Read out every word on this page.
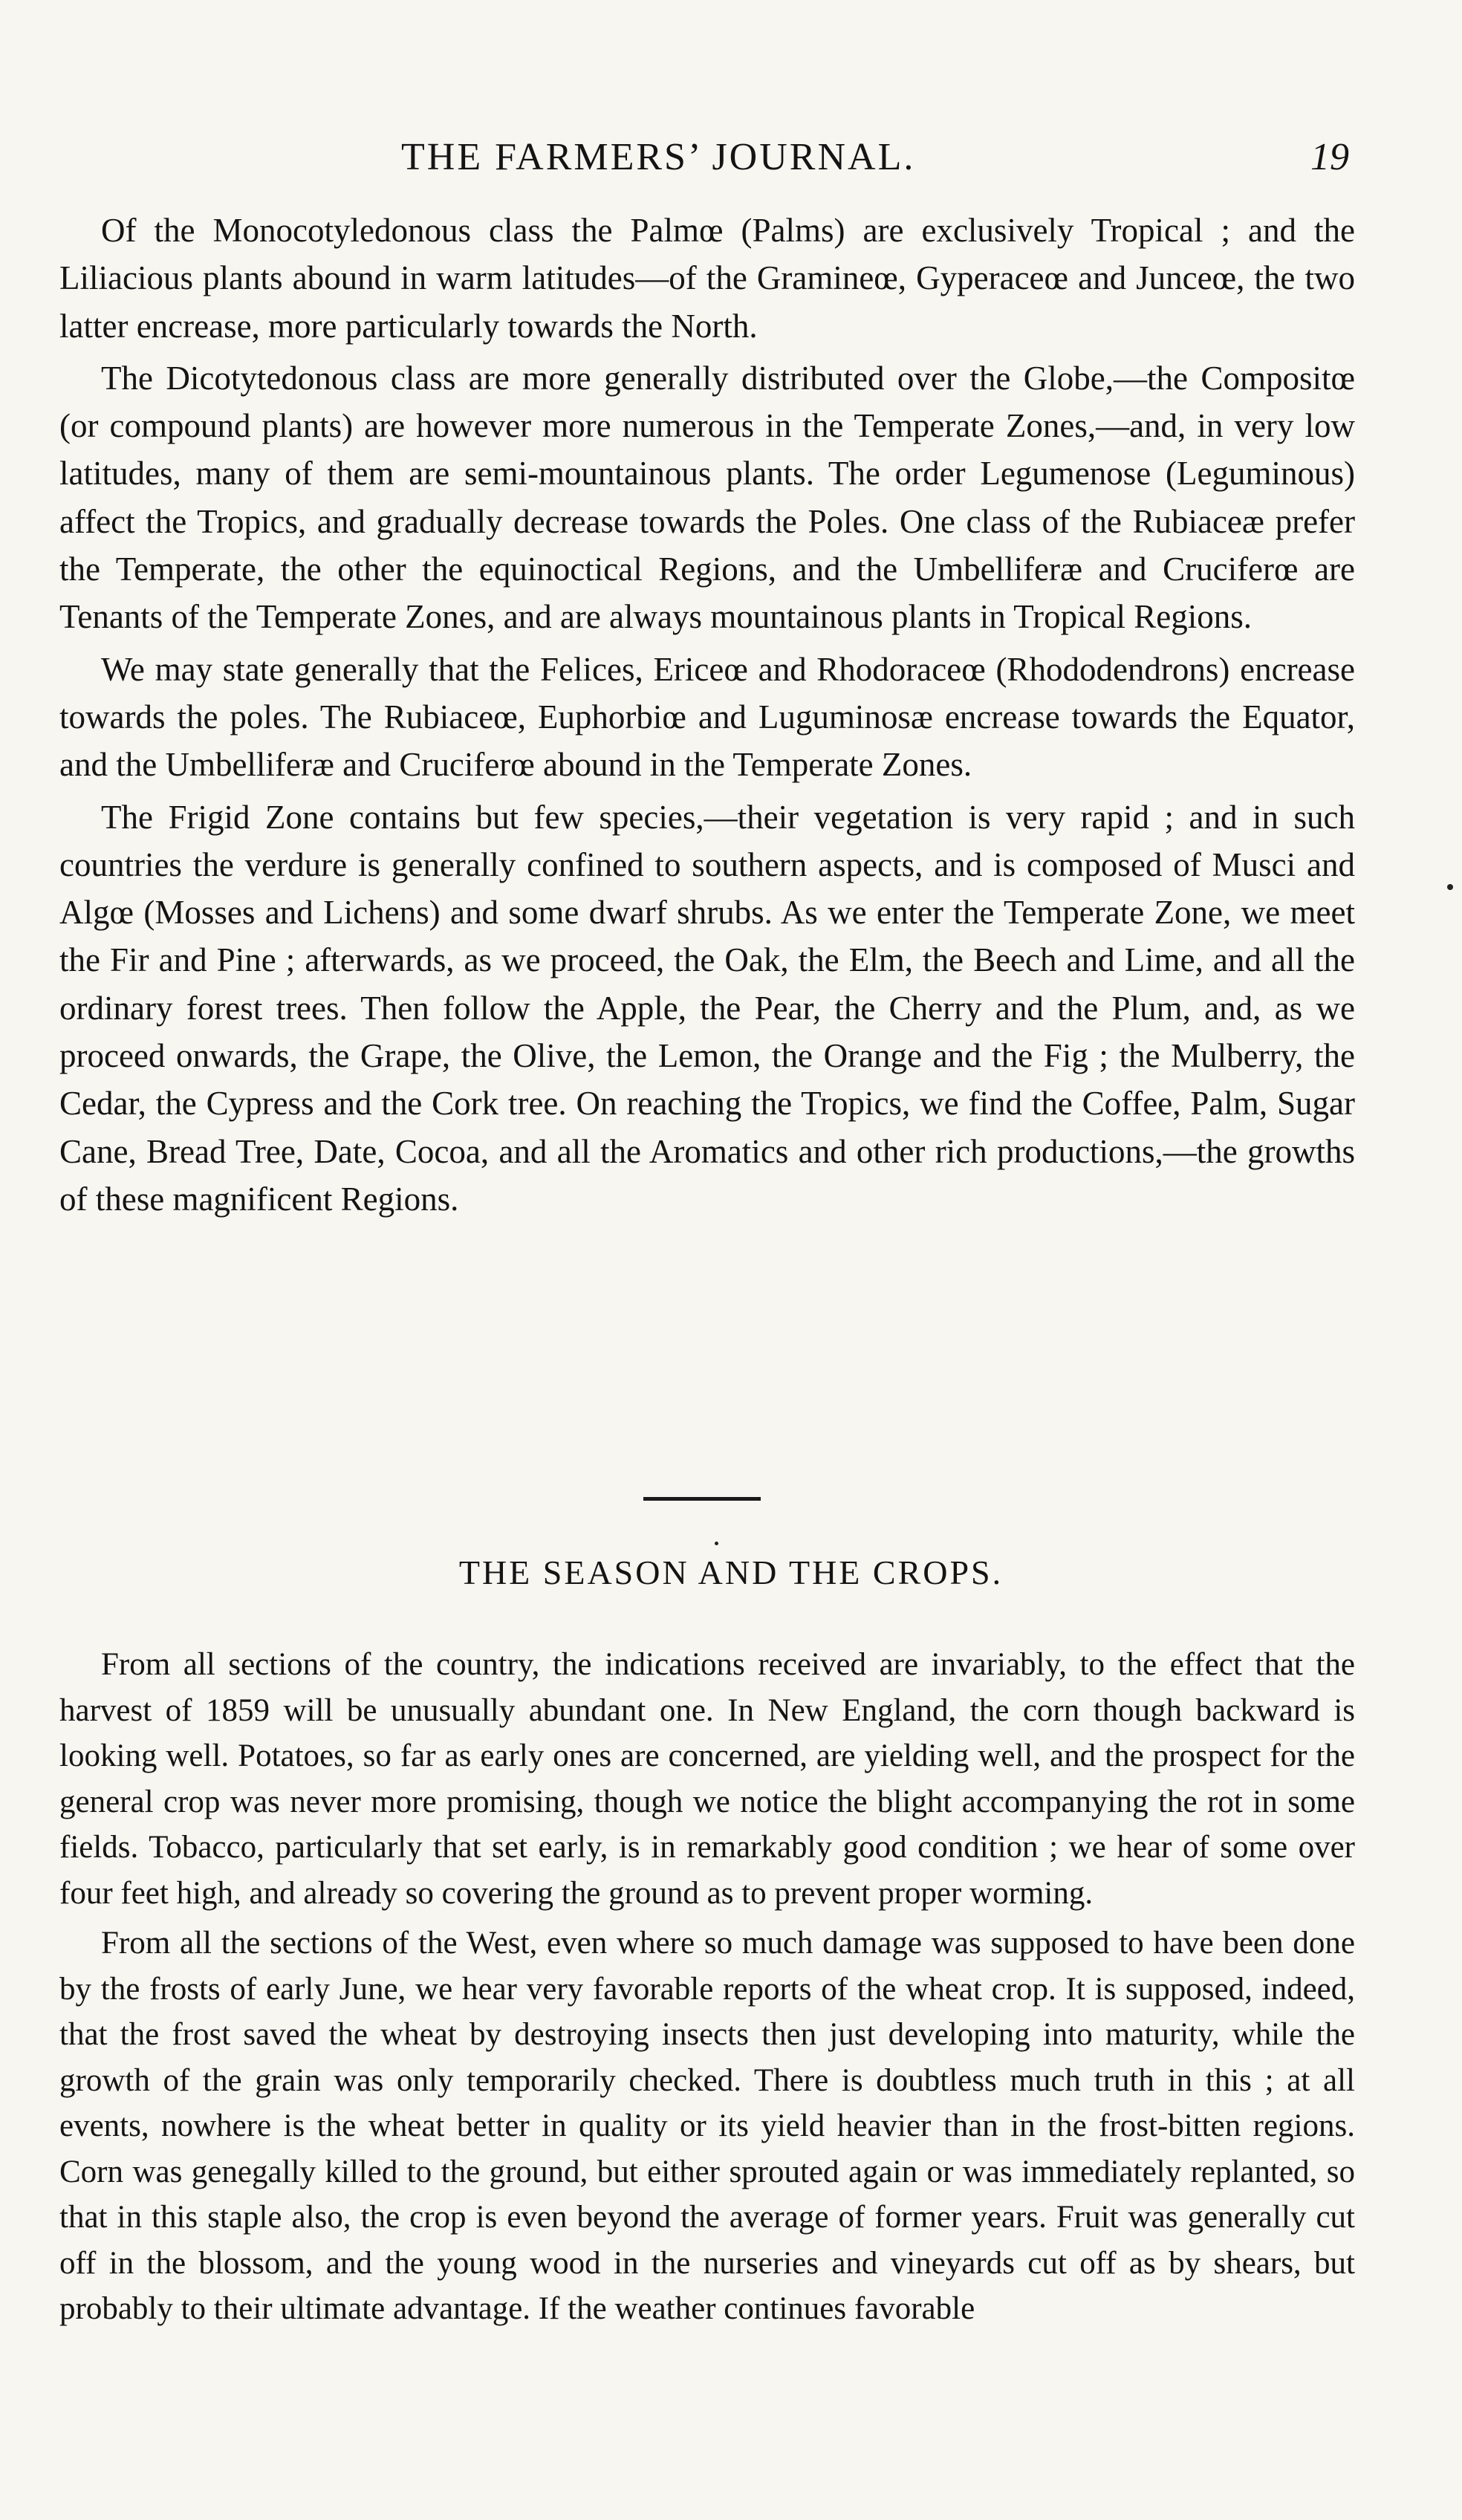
THE FARMERS’ JOURNAL.	19

Of the Monocotyledonous class the Palmœ (Palms) are exclusively Tropical ; and the Liliacious plants abound in warm latitudes—of the Gramineœ, Gyperaceœ and Junceœ, the two latter encrease, more particularly towards the North.

The Dicotytedonous class are more generally distributed over the Globe,—the Compositœ (or compound plants) are however more numerous in the Temperate Zones,—and, in very low latitudes, many of them are semi-mountainous plants. The order Legumenose (Leguminous) affect the Tropics, and gradually decrease towards the Poles. One class of the Rubiaceæ prefer the Temperate, the other the equinoctical Regions, and the Umbelliferæ and Cruciferœ are Tenants of the Temperate Zones, and are always mountainous plants in Tropical Regions.

We may state generally that the Felices, Ericeœ and Rhodoraceœ (Rhododendrons) encrease towards the poles. The Rubiaceœ, Euphorbiœ and Luguminosæ encrease towards the Equator, and the Umbelliferæ and Cruciferœ abound in the Temperate Zones.

The Frigid Zone contains but few species,—their vegetation is very rapid ; and in such countries the verdure is generally confined to southern aspects, and is composed of Musci and Algœ (Mosses and Lichens) and some dwarf shrubs. As we enter the Temperate Zone, we meet the Fir and Pine ; afterwards, as we proceed, the Oak, the Elm, the Beech and Lime, and all the ordinary forest trees. Then follow the Apple, the Pear, the Cherry and the Plum, and, as we proceed onwards, the Grape, the Olive, the Lemon, the Orange and the Fig ; the Mulberry, the Cedar, the Cypress and the Cork tree. On reaching the Tropics, we find the Coffee, Palm, Sugar Cane, Bread Tree, Date, Cocoa, and all the Aromatics and other rich productions,—the growths of these magnificent Regions.

THE SEASON AND THE CROPS.

From all sections of the country, the indications received are invariably, to the effect that the harvest of 1859 will be unusually abundant one. In New England, the corn though backward is looking well. Potatoes, so far as early ones are concerned, are yielding well, and the prospect for the general crop was never more promising, though we notice the blight accompanying the rot in some fields. Tobacco, particularly that set early, is in remarkably good condition ; we hear of some over four feet high, and already so covering the ground as to prevent proper worming.

From all the sections of the West, even where so much damage was supposed to have been done by the frosts of early June, we hear very favorable reports of the wheat crop. It is supposed, indeed, that the frost saved the wheat by destroying insects then just developing into maturity, while the growth of the grain was only temporarily checked. There is doubtless much truth in this ; at all events, nowhere is the wheat better in quality or its yield heavier than in the frost-bitten regions. Corn was genegally killed to the ground, but either sprouted again or was immediately replanted, so that in this staple also, the crop is even beyond the average of former years. Fruit was generally cut off in the blossom, and the young wood in the nurseries and vineyards cut off as by shears, but probably to their ultimate advantage. If the weather continues favorable
